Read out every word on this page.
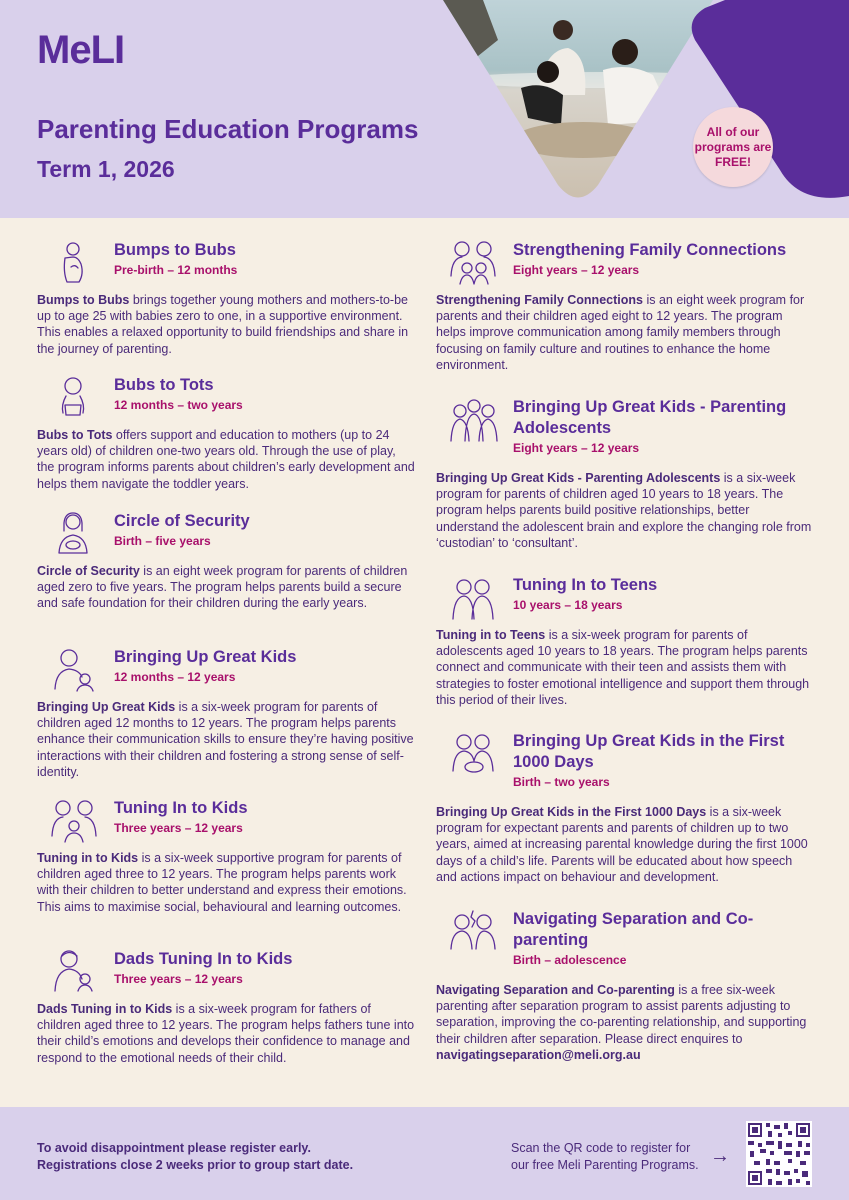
MeLI
Parenting Education Programs
Term 1, 2026
All of our programs are FREE!
Bumps to Bubs
Pre-birth – 12 months
Bumps to Bubs brings together young mothers and mothers-to-be up to age 25 with babies zero to one, in a supportive environment. This enables a relaxed opportunity to build friendships and share in the journey of parenting.
Bubs to Tots
12 months – two years
Bubs to Tots offers support and education to mothers (up to 24 years old) of children one-two years old. Through the use of play, the program informs parents about children’s early development and helps them navigate the toddler years.
Circle of Security
Birth – five years
Circle of Security is an eight week program for parents of children aged zero to five years. The program helps parents build a secure and safe foundation for their children during the early years.
Bringing Up Great Kids
12 months – 12 years
Bringing Up Great Kids is a six-week program for parents of children aged 12 months to 12 years. The program helps parents enhance their communication skills to ensure they’re having positive interactions with their children and fostering a strong sense of self-identity.
Tuning In to Kids
Three years – 12 years
Tuning in to Kids is a six-week supportive program for parents of children aged three to 12 years. The program helps parents work with their children to better understand and express their emotions. This aims to maximise social, behavioural and learning outcomes.
Dads Tuning In to Kids
Three years – 12 years
Dads Tuning in to Kids is a six-week program for fathers of children aged three to 12 years. The program helps fathers tune into their child’s emotions and develops their confidence to manage and respond to the emotional needs of their child.
Strengthening Family Connections
Eight years – 12 years
Strengthening Family Connections is an eight week program for parents and their children aged eight to 12 years. The program helps improve communication among family members through focusing on family culture and routines to enhance the home environment.
Bringing Up Great Kids - Parenting Adolescents
Eight years – 12 years
Bringing Up Great Kids - Parenting Adolescents is a six-week program for parents of children aged 10 years to 18 years. The program helps parents build positive relationships, better understand the adolescent brain and explore the changing role from ‘custodian’ to ‘consultant’.
Tuning In to Teens
10 years – 18 years
Tuning in to Teens is a six-week program for parents of adolescents aged 10 years to 18 years. The program helps parents connect and communicate with their teen and assists them with strategies to foster emotional intelligence and support them through this period of their lives.
Bringing Up Great Kids in the First 1000 Days
Birth – two years
Bringing Up Great Kids in the First 1000 Days is a six-week program for expectant parents and parents of children up to two years, aimed at increasing parental knowledge during the first 1000 days of a child’s life. Parents will be educated about how speech and actions impact on behaviour and development.
Navigating Separation and Co-parenting
Birth – adolescence
Navigating Separation and Co-parenting is a free six-week parenting after separation program to assist parents adjusting to separation, improving the co-parenting relationship, and supporting their children after separation. Please direct enquires to navigatingseparation@meli.org.au
To avoid disappointment please register early.
Registrations close 2 weeks prior to group start date.
Scan the QR code to register for
our free Meli Parenting Programs. →
